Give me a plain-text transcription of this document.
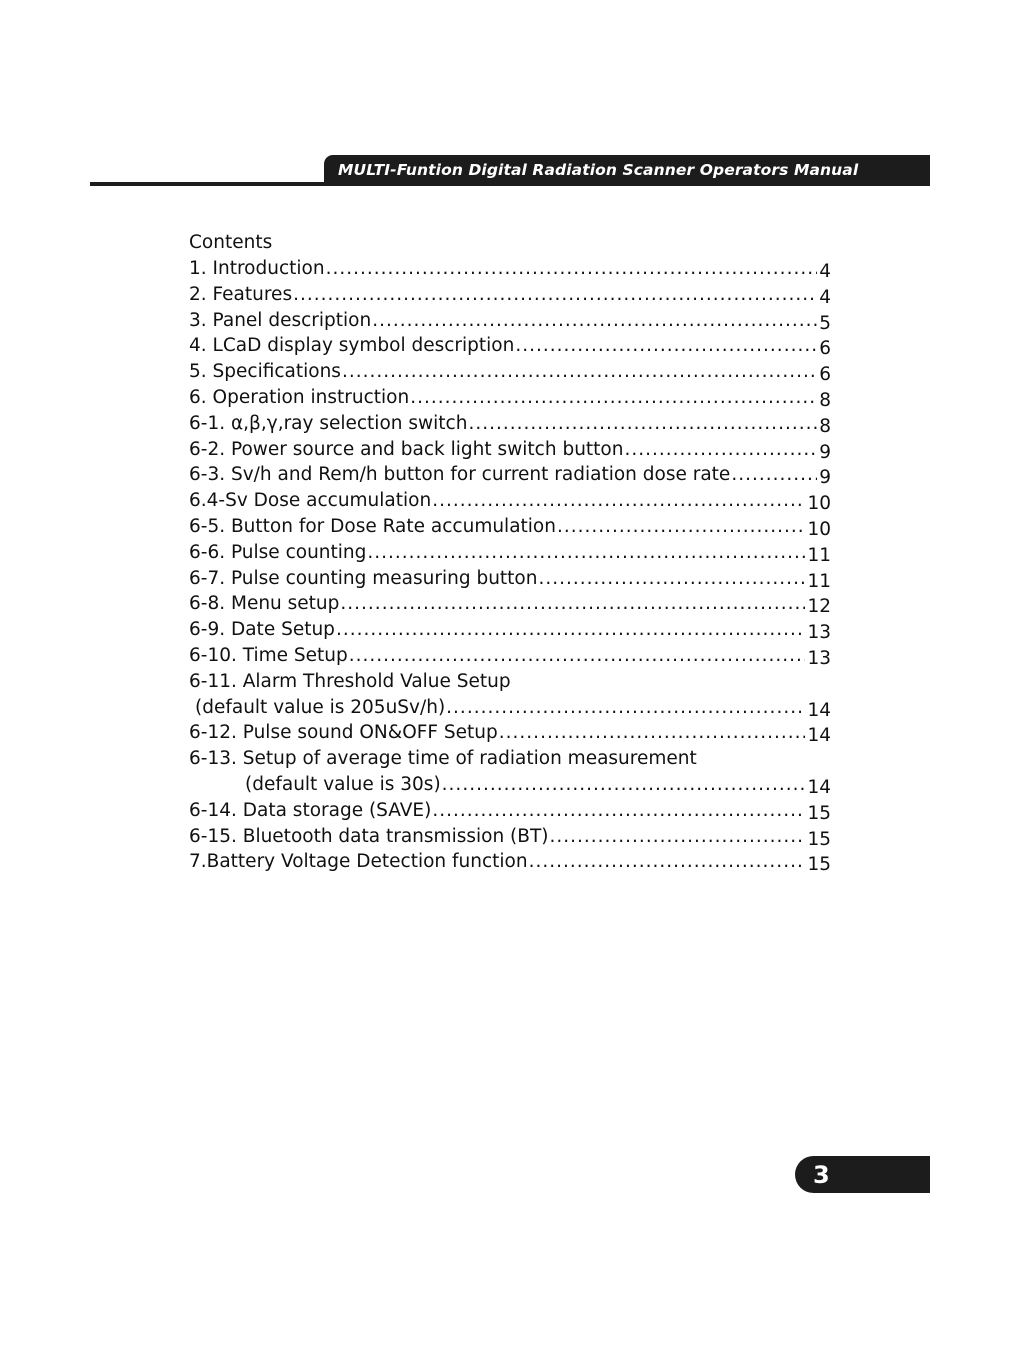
MULTI-Funtion Digital Radiation Scanner Operators Manual
Contents
1. Introduction .....	4
2. Features .....	4
3. Panel description .....	5
4. LCaD display symbol description .....	6
5. Specifications .....	6
6. Operation instruction .....	8
6-1. α,β,γ,ray selection switch .....	8
6-2. Power source and back light switch button .....	9
6-3. Sv/h and Rem/h button for current radiation dose rate .....	9
6.4-Sv Dose accumulation .....	10
6-5. Button for Dose Rate accumulation .....	10
6-6. Pulse counting .....	11
6-7. Pulse counting measuring button .....	11
6-8. Menu setup .....	12
6-9. Date Setup .....	13
6-10. Time Setup .....	13
6-11. Alarm Threshold Value Setup
(default value is 205uSv/h) .....	14
6-12. Pulse sound ON&OFF Setup .....	14
6-13. Setup of average time of radiation measurement
(default value is 30s) .....	14
6-14. Data storage (SAVE) .....	15
6-15. Bluetooth data transmission (BT) .....	15
7.Battery Voltage Detection function .....	15
3
